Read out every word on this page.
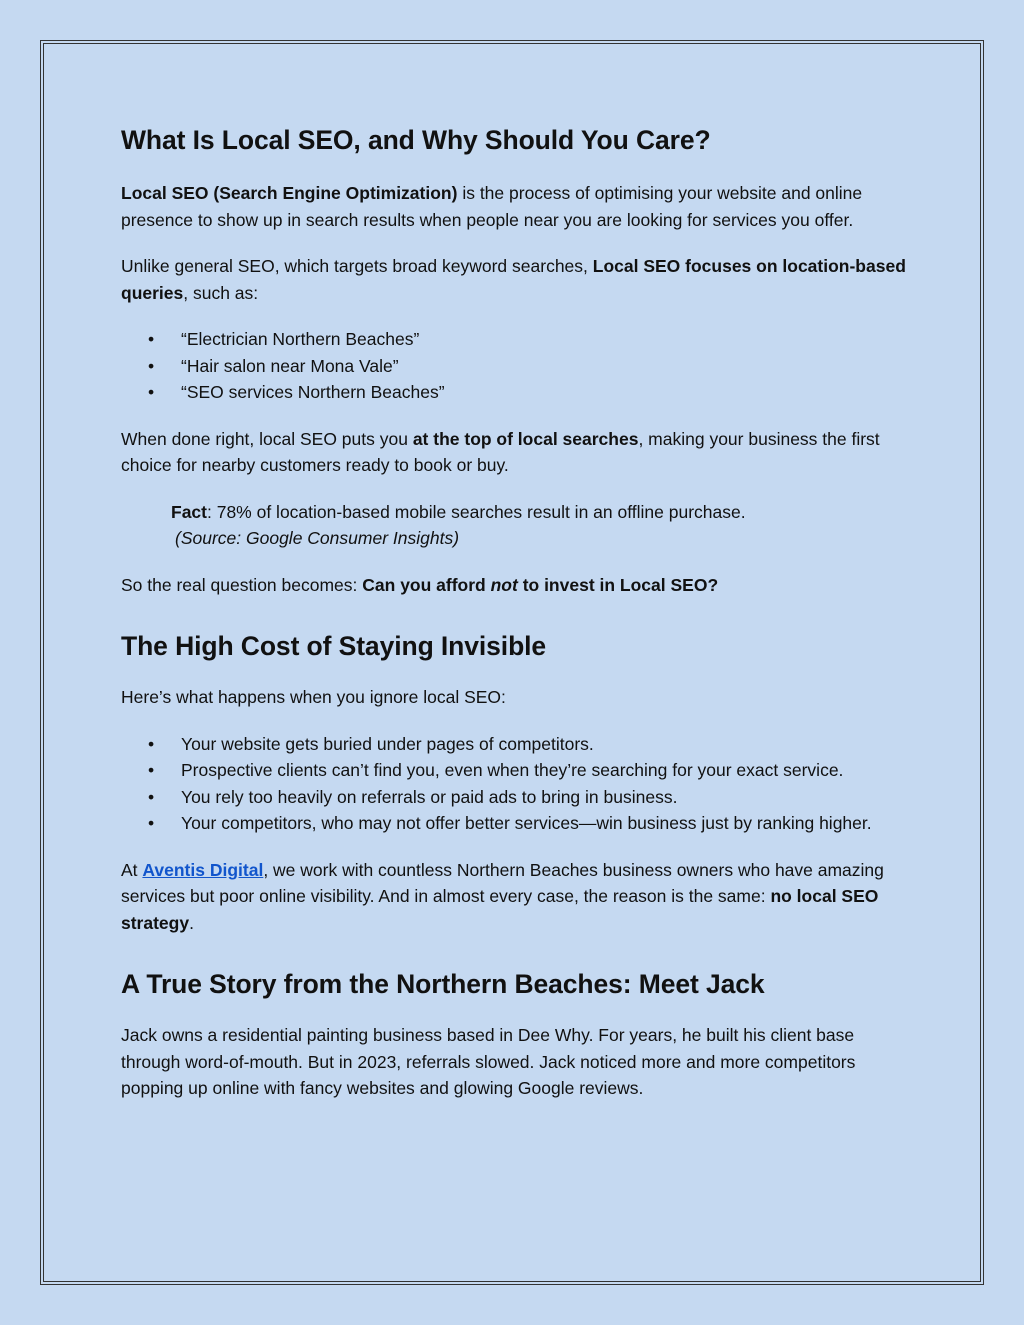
What Is Local SEO, and Why Should You Care?

Local SEO (Search Engine Optimization) is the process of optimising your website and online presence to show up in search results when people near you are looking for services you offer.

Unlike general SEO, which targets broad keyword searches, Local SEO focuses on location-based queries, such as:

• “Electrician Northern Beaches”
• “Hair salon near Mona Vale”
• “SEO services Northern Beaches”

When done right, local SEO puts you at the top of local searches, making your business the first choice for nearby customers ready to book or buy.

Fact: 78% of location-based mobile searches result in an offline purchase.
(Source: Google Consumer Insights)

So the real question becomes: Can you afford not to invest in Local SEO?

The High Cost of Staying Invisible

Here’s what happens when you ignore local SEO:

• Your website gets buried under pages of competitors.
• Prospective clients can’t find you, even when they’re searching for your exact service.
• You rely too heavily on referrals or paid ads to bring in business.
• Your competitors, who may not offer better services—win business just by ranking higher.

At Aventis Digital, we work with countless Northern Beaches business owners who have amazing services but poor online visibility. And in almost every case, the reason is the same: no local SEO strategy.

A True Story from the Northern Beaches: Meet Jack

Jack owns a residential painting business based in Dee Why. For years, he built his client base through word-of-mouth. But in 2023, referrals slowed. Jack noticed more and more competitors popping up online with fancy websites and glowing Google reviews.
